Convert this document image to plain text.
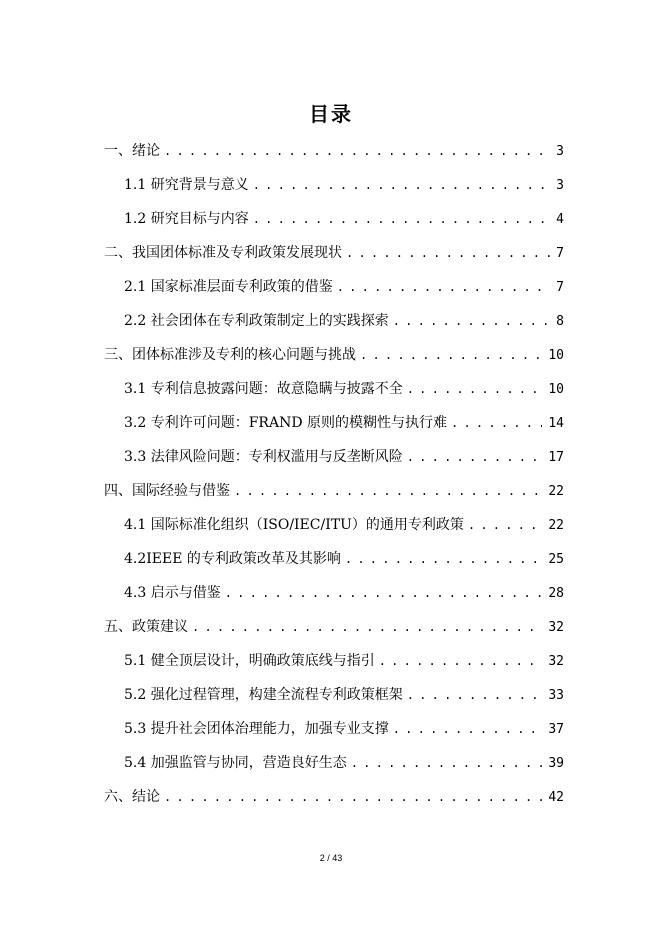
目录
一、绪论 . . .	3
1.1 研究背景与意义 . . .	3
1.2 研究目标与内容 . . .	4
二、我国团体标准及专利政策发展现状 . . .	7
2.1 国家标准层面专利政策的借鉴 . . .	7
2.2 社会团体在专利政策制定上的实践探索 . . .	8
三、团体标准涉及专利的核心问题与挑战 . . .	10
3.1 专利信息披露问题：故意隐瞒与披露不全 . . .	10
3.2 专利许可问题：FRAND 原则的模糊性与执行难 . . .	14
3.3 法律风险问题：专利权滥用与反垄断风险 . . .	17
四、国际经验与借鉴 . . .	22
4.1 国际标准化组织（ISO/IEC/ITU）的通用专利政策 . . .	22
4.2IEEE 的专利政策改革及其影响 . . .	25
4.3 启示与借鉴 . . .	28
五、政策建议 . . .	32
5.1 健全顶层设计，明确政策底线与指引 . . .	32
5.2 强化过程管理，构建全流程专利政策框架 . . .	33
5.3 提升社会团体治理能力，加强专业支撑 . . .	37
5.4 加强监管与协同，营造良好生态 . . .	39
六、结论 . . .	42
2 / 43
